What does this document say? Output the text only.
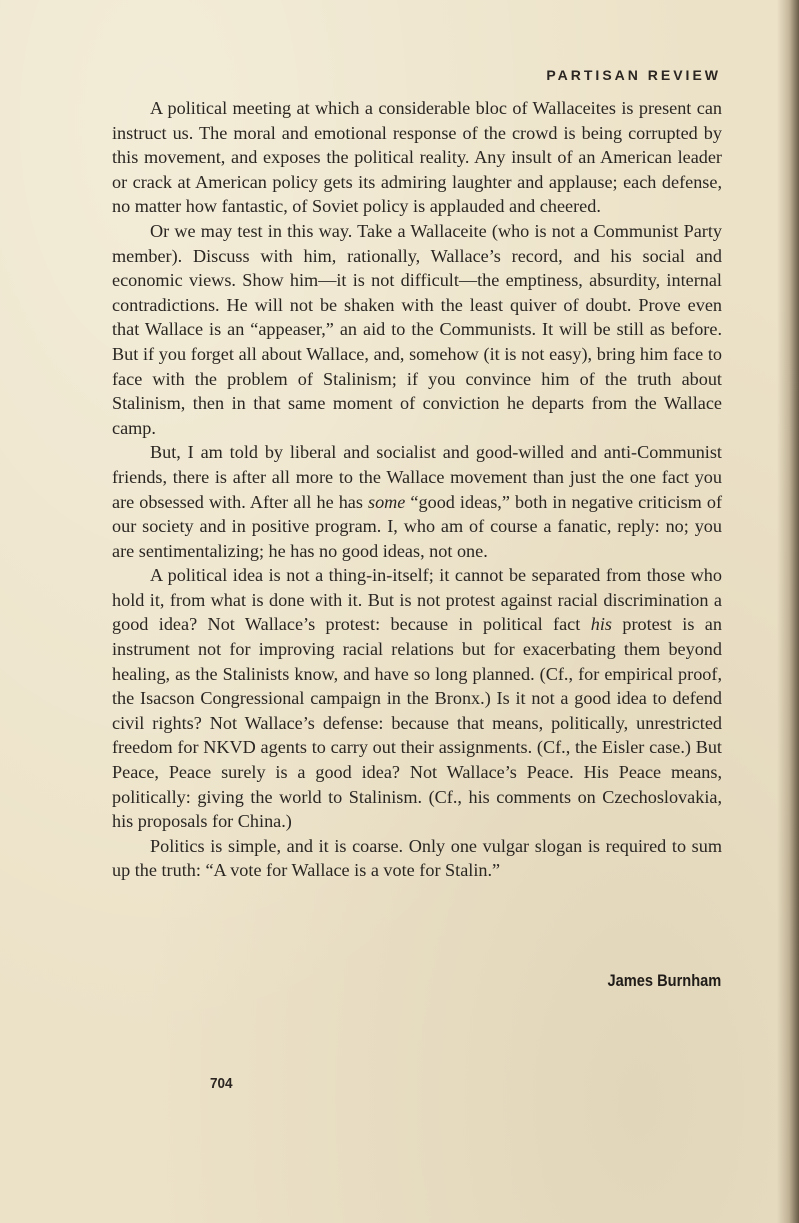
PARTISAN REVIEW

A political meeting at which a considerable bloc of Wallaceites is present can instruct us. The moral and emotional response of the crowd is being corrupted by this movement, and exposes the political reality. Any insult of an American leader or crack at American policy gets its admiring laughter and applause; each defense, no matter how fantastic, of Soviet policy is applauded and cheered.

Or we may test in this way. Take a Wallaceite (who is not a Communist Party member). Discuss with him, rationally, Wallace’s record, and his social and economic views. Show him—it is not difficult—the emptiness, absurdity, internal contradictions. He will not be shaken with the least quiver of doubt. Prove even that Wallace is an “appeaser,” an aid to the Communists. It will be still as before. But if you forget all about Wallace, and, somehow (it is not easy), bring him face to face with the problem of Stalinism; if you convince him of the truth about Stalinism, then in that same moment of conviction he departs from the Wallace camp.

But, I am told by liberal and socialist and good-willed and anti-Communist friends, there is after all more to the Wallace movement than just the one fact you are obsessed with. After all he has some “good ideas,” both in negative criticism of our society and in positive program. I, who am of course a fanatic, reply: no; you are sentimentalizing; he has no good ideas, not one.

A political idea is not a thing-in-itself; it cannot be separated from those who hold it, from what is done with it. But is not protest against racial discrimination a good idea? Not Wallace’s protest: because in political fact his protest is an instrument not for improving racial relations but for exacerbating them beyond healing, as the Stalinists know, and have so long planned. (Cf., for empirical proof, the Isacson Congressional campaign in the Bronx.) Is it not a good idea to defend civil rights? Not Wallace’s defense: because that means, politically, unrestricted freedom for NKVD agents to carry out their assignments. (Cf., the Eisler case.) But Peace, Peace surely is a good idea? Not Wallace’s Peace. His Peace means, politically: giving the world to Stalinism. (Cf., his comments on Czechoslovakia, his proposals for China.)

Politics is simple, and it is coarse. Only one vulgar slogan is required to sum up the truth: “A vote for Wallace is a vote for Stalin.”

James Burnham
704
